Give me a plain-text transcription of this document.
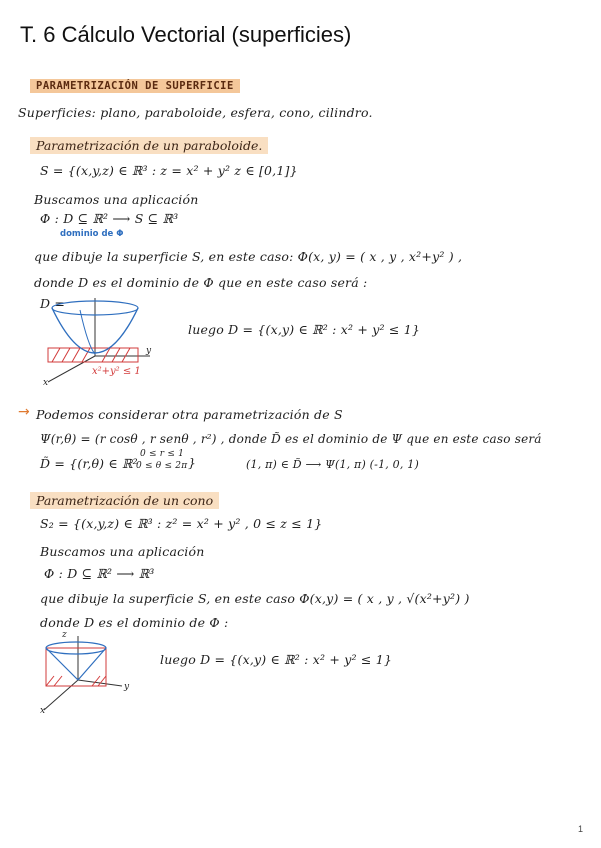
T. 6 Cálculo Vectorial (superficies)
PARAMETRIZACIÓN DE SUPERFICIE
Superficies: plano, paraboloide, esfera, cono, cilindro.
Parametrización de un paraboloide.
S = {(x,y,z) ∈ ℝ³ : z = x² + y² z ∈ [0,1]}
Buscamos una aplicación
Φ : D ⊆ ℝ² ⟶ S ⊆ ℝ³
dominio de Φ
que dibuje la superficie S, en este caso: Φ(x, y) = ( x , y , x²+y² ) ,
donde D es el dominio de Φ que en este caso será :
D =
y
x
x²+y² ≤ 1
luego D = {(x,y) ∈ ℝ² : x² + y² ≤ 1}
→ Podemos considerar otra parametrización de S
Ψ(r,θ) = (r cosθ , r senθ , r²) , donde D̃ es el dominio de Ψ que en este caso será
D̃ = {(r,θ) ∈ ℝ²
0 ≤ r ≤ 1
0 ≤ θ ≤ 2π }	(1, π) ∈ D̃ ⟶ Ψ(1, π) (-1, 0, 1)
Parametrización de un cono
S₂ = {(x,y,z) ∈ ℝ³ : z² = x² + y² , 0 ≤ z ≤ 1}
Buscamos una aplicación
Φ : D ⊆ ℝ² ⟶ ℝ³
que dibuje la superficie S, en este caso Φ(x,y) = ( x , y , √(x²+y²) )
donde D es el dominio de Φ :
z
y
x
luego D = {(x,y) ∈ ℝ² : x² + y² ≤ 1}
1
